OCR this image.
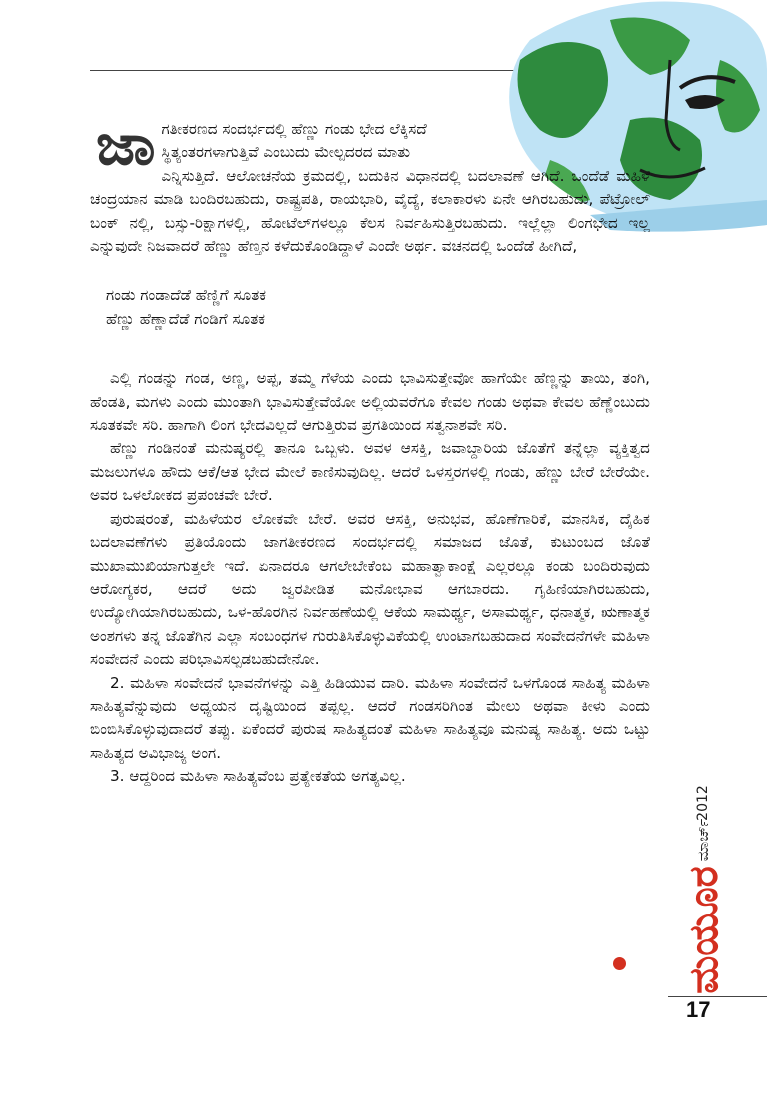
ಜಾಗತೀಕರಣದ ಸಂದರ್ಭದಲ್ಲಿ ಹೆಣ್ಣು ಗಂಡು ಭೇದ ಲೆಕ್ಕಿಸದೆ
ಸ್ಥಿತ್ಯಂತರಗಳಾಗುತ್ತಿವೆ ಎಂಬುದು ಮೇಲ್ಪದರದ ಮಾತು
ಎನ್ನಿಸುತ್ತಿದೆ. ಆಲೋಚನೆಯ ಕ್ರಮದಲ್ಲಿ, ಬದುಕಿನ ವಿಧಾನದಲ್ಲಿ ಬದಲಾವಣೆ ಆಗಿದೆ. ಒಂದೆಡೆ ಮಹಿಳೆ ಚಂದ್ರಯಾನ ಮಾಡಿ ಬಂದಿರಬಹುದು, ರಾಷ್ಟ್ರಪತಿ, ರಾಯಭಾರಿ, ವೈದ್ಯೆ, ಕಲಾಕಾರಳು ಏನೇ ಆಗಿರಬಹುದು, ಪೆಟ್ರೋಲ್ ಬಂಕ್ ನಲ್ಲಿ, ಬಸ್ಸು-ರಿಕ್ಷಾಗಳಲ್ಲಿ, ಹೋಟೆಲ್‌ಗಳಲ್ಲೂ ಕೆಲಸ ನಿರ್ವಹಿಸುತ್ತಿರಬಹುದು. ಇಲ್ಲೆಲ್ಲಾ ಲಿಂಗಭೇದ ಇಲ್ಲ ಎನ್ನುವುದೇ ನಿಜವಾದರೆ ಹೆಣ್ಣು ಹೆಣ್ತನ ಕಳೆದುಕೊಂಡಿದ್ದಾಳೆ ಎಂದೇ ಅರ್ಥ. ವಚನದಲ್ಲಿ ಒಂದೆಡೆ ಹೀಗಿದೆ,

ಗಂಡು ಗಂಡಾದೆಡೆ ಹೆಣ್ಣಿಗೆ ಸೂತಕ
ಹೆಣ್ಣು ಹೆಣ್ಣಾದೆಡೆ ಗಂಡಿಗೆ ಸೂತಕ

ಎಲ್ಲಿ ಗಂಡನ್ನು ಗಂಡ, ಅಣ್ಣ, ಅಪ್ಪ, ತಮ್ಮ ಗೆಳೆಯ ಎಂದು ಭಾವಿಸುತ್ತೇವೋ ಹಾಗೆಯೇ ಹೆಣ್ಣನ್ನು ತಾಯಿ, ತಂಗಿ, ಹೆಂಡತಿ, ಮಗಳು ಎಂದು ಮುಂತಾಗಿ ಭಾವಿಸುತ್ತೇವೆಯೋ ಅಲ್ಲಿಯವರೆಗೂ ಕೇವಲ ಗಂಡು ಅಥವಾ ಕೇವಲ ಹೆಣ್ಣೆಂಬುದು ಸೂತಕವೇ ಸರಿ. ಹಾಗಾಗಿ ಲಿಂಗ ಭೇದವಿಲ್ಲದೆ ಆಗುತ್ತಿರುವ ಪ್ರಗತಿಯಿಂದ ಸತ್ವನಾಶವೇ ಸರಿ.

ಹೆಣ್ಣು ಗಂಡಿನಂತೆ ಮನುಷ್ಯರಲ್ಲಿ ತಾನೂ ಒಬ್ಬಳು. ಅವಳ ಆಸಕ್ತಿ, ಜವಾಬ್ದಾರಿಯ ಜೊತೆಗೆ ತನ್ನೆಲ್ಲಾ ವ್ಯಕ್ತಿತ್ವದ ಮಜಲುಗಳೂ ಹೌದು ಆಕೆ/ಆತ ಭೇದ ಮೇಲೆ ಕಾಣಿಸುವುದಿಲ್ಲ. ಆದರೆ ಒಳಸ್ತರಗಳಲ್ಲಿ ಗಂಡು, ಹೆಣ್ಣು ಬೇರೆ ಬೇರೆಯೇ. ಅವರ ಒಳಲೋಕದ ಪ್ರಪಂಚವೇ ಬೇರೆ.

ಪುರುಷರಂತೆ, ಮಹಿಳೆಯರ ಲೋಕವೇ ಬೇರೆ. ಅವರ ಆಸಕ್ತಿ, ಅನುಭವ, ಹೊಣೆಗಾರಿಕೆ, ಮಾನಸಿಕ, ದೈಹಿಕ ಬದಲಾವಣೆಗಳು ಪ್ರತಿಯೊಂದು ಜಾಗತೀಕರಣದ ಸಂದರ್ಭದಲ್ಲಿ ಸಮಾಜದ ಜೊತೆ, ಕುಟುಂಬದ ಜೊತೆ ಮುಖಾಮುಖಿಯಾಗುತ್ತಲೇ ಇದೆ. ಏನಾದರೂ ಆಗಲೇಬೇಕೆಂಬ ಮಹಾತ್ವಾಕಾಂಕ್ಷೆ ಎಲ್ಲರಲ್ಲೂ ಕಂಡು ಬಂದಿರುವುದು ಆರೋಗ್ಯಕರ, ಆದರೆ ಅದು ಜ್ವರಪೀಡಿತ ಮನೋಭಾವ ಆಗಬಾರದು. ಗೃಹಿಣಿಯಾಗಿರಬಹುದು, ಉದ್ಯೋಗಿಯಾಗಿರಬಹುದು, ಒಳ-ಹೊರಗಿನ ನಿರ್ವಹಣೆಯಲ್ಲಿ ಆಕೆಯ ಸಾಮರ್ಥ್ಯ, ಅಸಾಮರ್ಥ್ಯ, ಧನಾತ್ಮಕ, ಋಣಾತ್ಮಕ ಅಂಶಗಳು ತನ್ನ ಜೊತೆಗಿನ ಎಲ್ಲಾ ಸಂಬಂಧಗಳ ಗುರುತಿಸಿಕೊಳ್ಳುವಿಕೆಯಲ್ಲಿ ಉಂಟಾಗಬಹುದಾದ ಸಂವೇದನೆಗಳೇ ಮಹಿಳಾ ಸಂವೇದನೆ ಎಂದು ಪರಿಭಾವಿಸಲ್ಪಡಬಹುದೇನೋ.

2. ಮಹಿಳಾ ಸಂವೇದನೆ ಭಾವನೆಗಳನ್ನು ಎತ್ತಿ ಹಿಡಿಯುವ ದಾರಿ. ಮಹಿಳಾ ಸಂವೇದನೆ ಒಳಗೊಂಡ ಸಾಹಿತ್ಯ ಮಹಿಳಾ ಸಾಹಿತ್ಯವೆನ್ನುವುದು ಅಧ್ಯಯನ ದೃಷ್ಟಿಯಿಂದ ತಪ್ಪಲ್ಲ. ಆದರೆ ಗಂಡಸರಿಗಿಂತ ಮೇಲು ಅಥವಾ ಕೀಳು ಎಂದು ಬಿಂಬಿಸಿಕೊಳ್ಳುವುದಾದರೆ ತಪ್ಪು. ಏಕೆಂದರೆ ಪುರುಷ ಸಾಹಿತ್ಯದಂತೆ ಮಹಿಳಾ ಸಾಹಿತ್ಯವೂ ಮನುಷ್ಯ ಸಾಹಿತ್ಯ. ಅದು ಒಟ್ಟು ಸಾಹಿತ್ಯದ ಅವಿಭಾಜ್ಯ ಅಂಗ.

3. ಆದ್ದರಿಂದ ಮಹಿಳಾ ಸಾಹಿತ್ಯವೆಂಬ ಪ್ರತ್ಯೇಕತೆಯ ಅಗತ್ಯವಿಲ್ಲ.

2012
ಮಾರ್ಚ್
ಮಯೂರ
17
